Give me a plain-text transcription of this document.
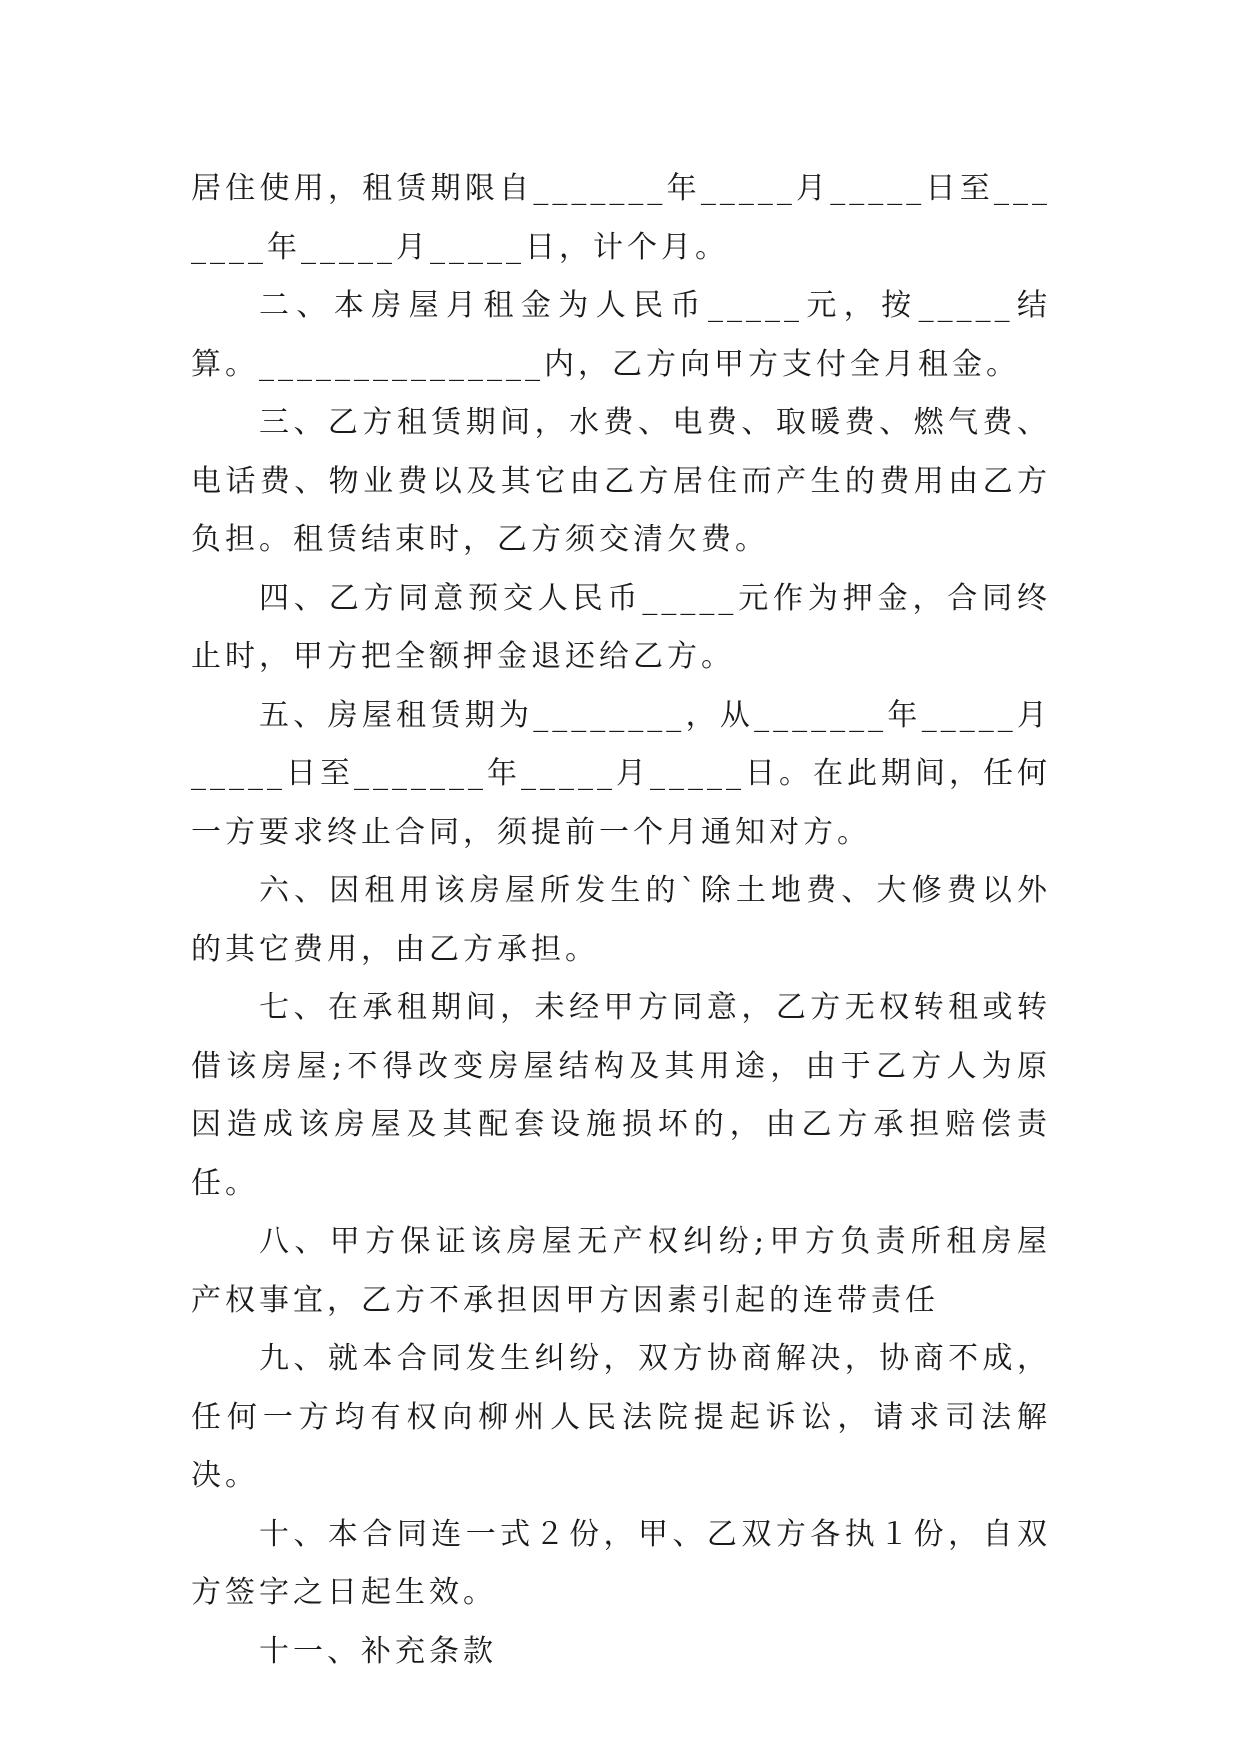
居住使用，租赁期限自_______年_____月_____日至_______年_____月_____日，计个月。

二、本房屋月租金为人民币_____元，按_____结算。_______________内，乙方向甲方支付全月租金。

三、乙方租赁期间，水费、电费、取暖费、燃气费、电话费、物业费以及其它由乙方居住而产生的费用由乙方负担。租赁结束时，乙方须交清欠费。

四、乙方同意预交人民币_____元作为押金，合同终止时，甲方把全额押金退还给乙方。

五、房屋租赁期为________，从_______年_____月_____日至_______年_____月_____日。在此期间，任何一方要求终止合同，须提前一个月通知对方。

六、因租用该房屋所发生的`除土地费、大修费以外的其它费用，由乙方承担。

七、在承租期间，未经甲方同意，乙方无权转租或转借该房屋;不得改变房屋结构及其用途，由于乙方人为原因造成该房屋及其配套设施损坏的，由乙方承担赔偿责任。

八、甲方保证该房屋无产权纠纷;甲方负责所租房屋产权事宜，乙方不承担因甲方因素引起的连带责任

九、就本合同发生纠纷，双方协商解决，协商不成，任何一方均有权向柳州人民法院提起诉讼，请求司法解决。

十、本合同连一式２份，甲、乙双方各执１份，自双方签字之日起生效。

十一、补充条款
